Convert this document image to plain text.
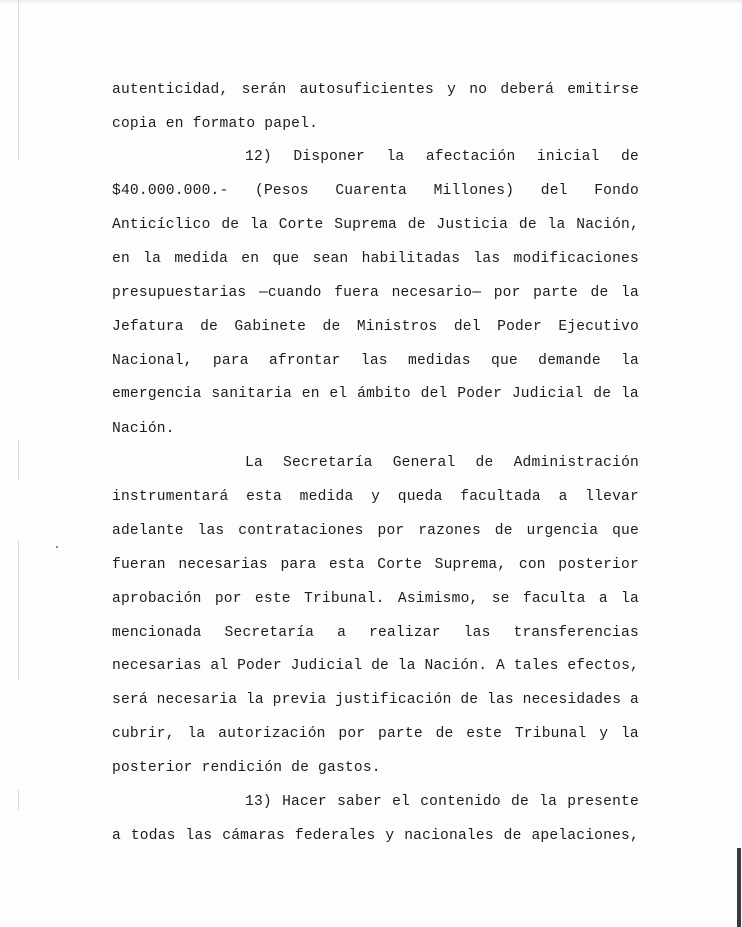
autenticidad, serán autosuficientes y no deberá emitirse
copia en formato papel.
12) Disponer la afectación inicial de
$40.000.000.- (Pesos Cuarenta Millones) del Fondo
Anticíclico de la Corte Suprema de Justicia de la Nación,
en la medida en que sean habilitadas las modificaciones
presupuestarias —cuando fuera necesario— por parte de la
Jefatura de Gabinete de Ministros del Poder Ejecutivo
Nacional, para afrontar las medidas que demande la
emergencia sanitaria en el ámbito del Poder Judicial de la
Nación.
La Secretaría General de Administración
instrumentará esta medida y queda facultada a llevar
adelante las contrataciones por razones de urgencia que
fueran necesarias para esta Corte Suprema, con posterior
aprobación por este Tribunal. Asimismo, se faculta a la
mencionada Secretaría a realizar las transferencias
necesarias al Poder Judicial de la Nación. A tales efectos,
será necesaria la previa justificación de las necesidades a
cubrir, la autorización por parte de este Tribunal y la
posterior rendición de gastos.
13) Hacer saber el contenido de la presente
a todas las cámaras federales y nacionales de apelaciones,
